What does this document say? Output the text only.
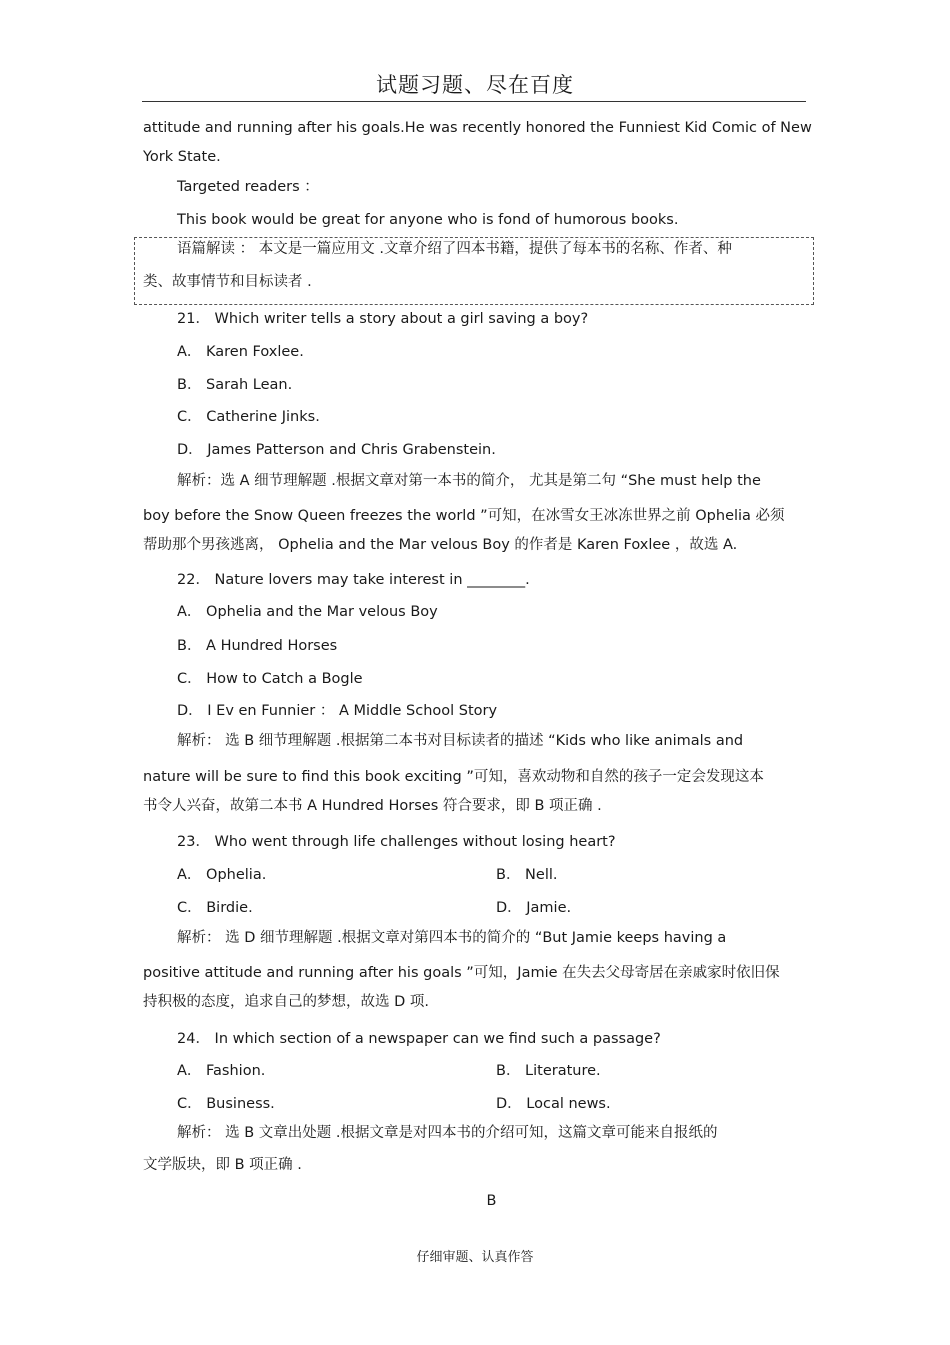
试题习题、尽在百度
attitude and running after his goals.He was recently honored the Funniest Kid Comic of New
York State.
Targeted readers ：
This book would be great for anyone who is fond of humorous books.
语篇解读 ： 本文是一篇应用文 .文章介绍了四本书籍，提供了每本书的名称、作者、种
类、故事情节和目标读者 .
21． Which writer tells a story about a girl saving a boy?
A． Karen Foxlee.
B． Sarah Lean.
C． Catherine Jinks.
D． James Patterson and Chris Grabenstein.
解析：选 A 细节理解题 .根据文章对第一本书的简介， 尤其是第二句 “She must help the
boy before the Snow Queen freezes the world ”可知，在冰雪女王冰冻世界之前 Ophelia 必须
帮助那个男孩逃离， Ophelia and the Mar velous Boy 的作者是 Karen Foxlee ，故选 A.
22． Nature lovers may take interest in ________.
A． Ophelia and the Mar velous Boy
B． A Hundred Horses
C． How to Catch a Bogle
D． I Ev en Funnier ： A Middle School Story
解析： 选 B 细节理解题 .根据第二本书对目标读者的描述 “Kids who like animals and
nature will be sure to find this book exciting ”可知，喜欢动物和自然的孩子一定会发现这本
书令人兴奋，故第二本书 A Hundred Horses 符合要求，即 B 项正确 .
23． Who went through life challenges without losing heart?
A． Ophelia.	B． Nell.
C． Birdie.	D． Jamie.
解析： 选 D 细节理解题 .根据文章对第四本书的简介的 “But Jamie keeps having a
positive attitude and running after his goals ”可知，Jamie 在失去父母寄居在亲戚家时依旧保
持积极的态度，追求自己的梦想，故选 D 项.
24． In which section of a newspaper can we find such a passage?
A． Fashion.	B． Literature.
C． Business.	D． Local news.
解析： 选 B 文章出处题 .根据文章是对四本书的介绍可知，这篇文章可能来自报纸的
文学版块，即 B 项正确 .
B
仔细审题、认真作答
